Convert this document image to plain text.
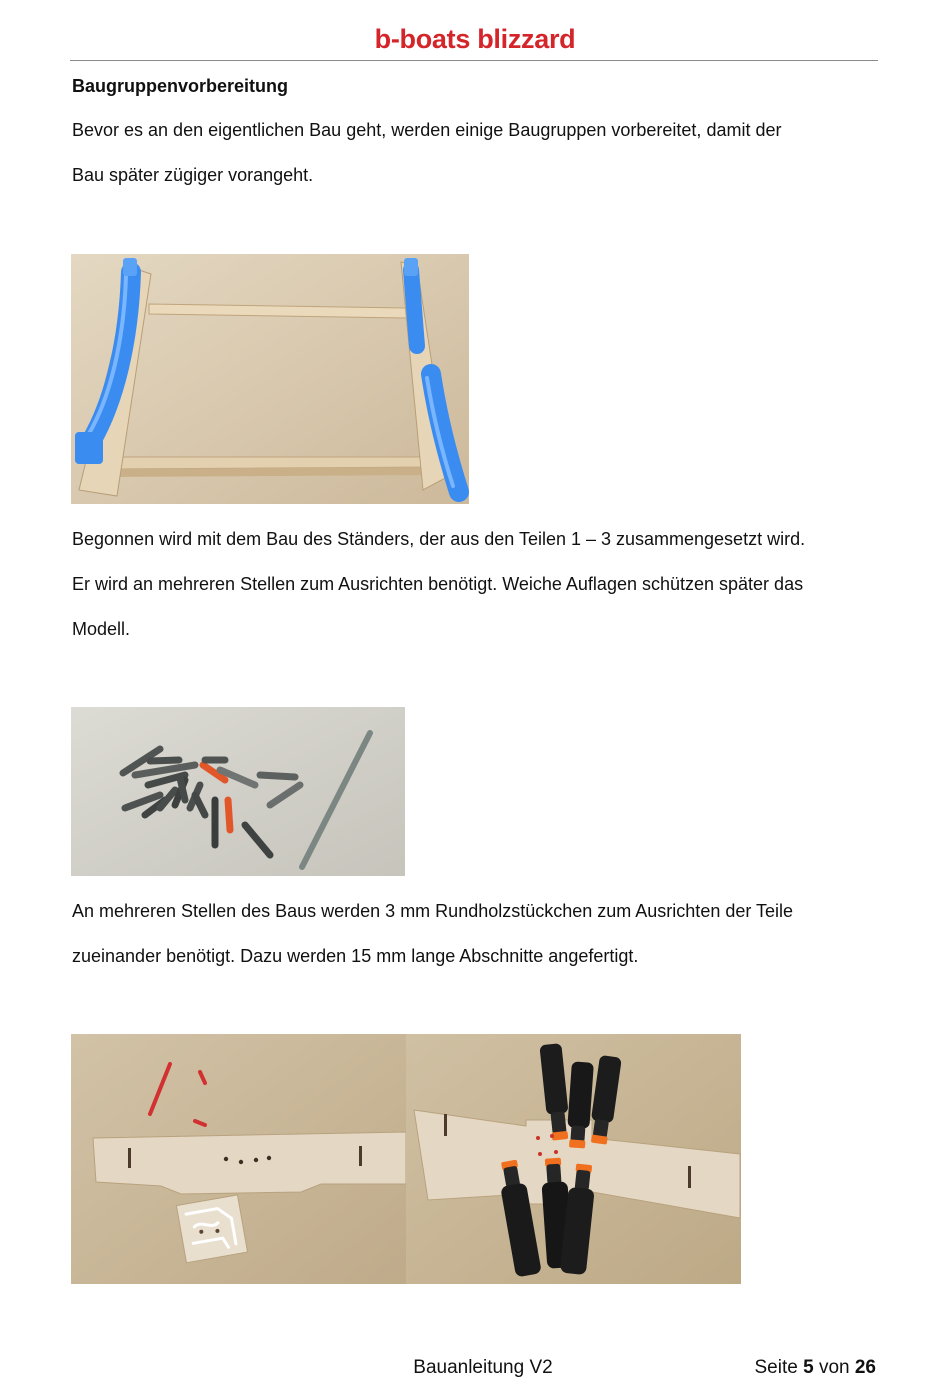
b-boats blizzard
Baugruppenvorbereitung
Bevor es an den eigentlichen Bau geht, werden einige Baugruppen vorbereitet, damit der
Bau später zügiger vorangeht.
Begonnen wird mit dem Bau des Ständers, der aus den Teilen 1 – 3 zusammengesetzt wird.
Er wird an mehreren Stellen zum Ausrichten benötigt. Weiche Auflagen schützen später das
Modell.
An mehreren Stellen des Baus werden 3 mm Rundholzstückchen zum Ausrichten der Teile
zueinander benötigt. Dazu werden 15 mm lange Abschnitte angefertigt.
Bauanleitung V2	Seite 5 von 26
